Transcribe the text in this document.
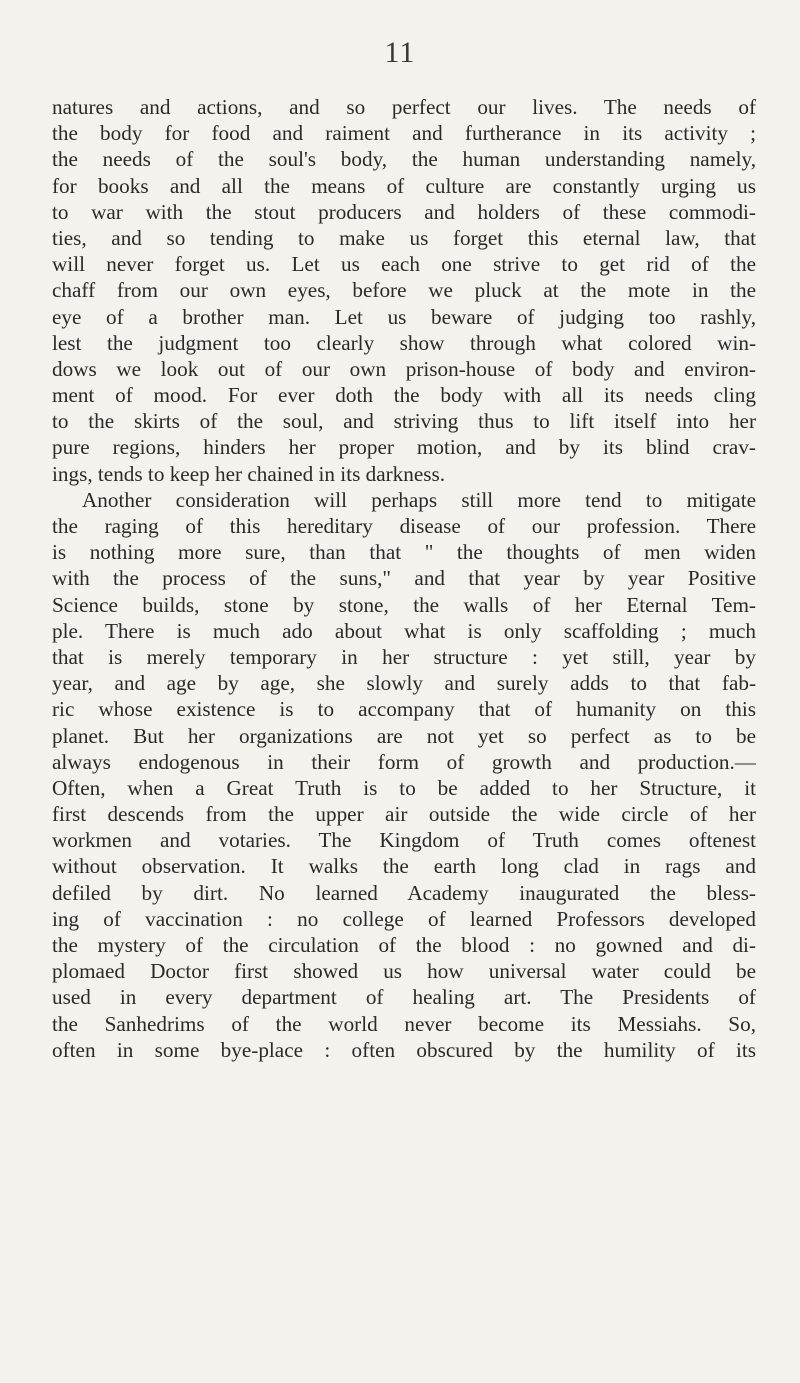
11
natures and actions, and so perfect our lives. The needs of
the body for food and raiment and furtherance in its activity ;
the needs of the soul's body, the human understanding namely,
for books and all the means of culture are constantly urging us
to war with the stout producers and holders of these commodi-
ties, and so tending to make us forget this eternal law, that
will never forget us. Let us each one strive to get rid of the
chaff from our own eyes, before we pluck at the mote in the
eye of a brother man. Let us beware of judging too rashly,
lest the judgment too clearly show through what colored win-
dows we look out of our own prison-house of body and environ-
ment of mood. For ever doth the body with all its needs cling
to the skirts of the soul, and striving thus to lift itself into her
pure regions, hinders her proper motion, and by its blind crav-
ings, tends to keep her chained in its darkness.
Another consideration will perhaps still more tend to mitigate
the raging of this hereditary disease of our profession. There
is nothing more sure, than that " the thoughts of men widen
with the process of the suns," and that year by year Positive
Science builds, stone by stone, the walls of her Eternal Tem-
ple. There is much ado about what is only scaffolding ; much
that is merely temporary in her structure : yet still, year by
year, and age by age, she slowly and surely adds to that fab-
ric whose existence is to accompany that of humanity on this
planet. But her organizations are not yet so perfect as to be
always endogenous in their form of growth and production.—
Often, when a Great Truth is to be added to her Structure, it
first descends from the upper air outside the wide circle of her
workmen and votaries. The Kingdom of Truth comes oftenest
without observation. It walks the earth long clad in rags and
defiled by dirt. No learned Academy inaugurated the bless-
ing of vaccination : no college of learned Professors developed
the mystery of the circulation of the blood : no gowned and di-
plomaed Doctor first showed us how universal water could be
used in every department of healing art. The Presidents of
the Sanhedrims of the world never become its Messiahs. So,
often in some bye-place : often obscured by the humility of its
